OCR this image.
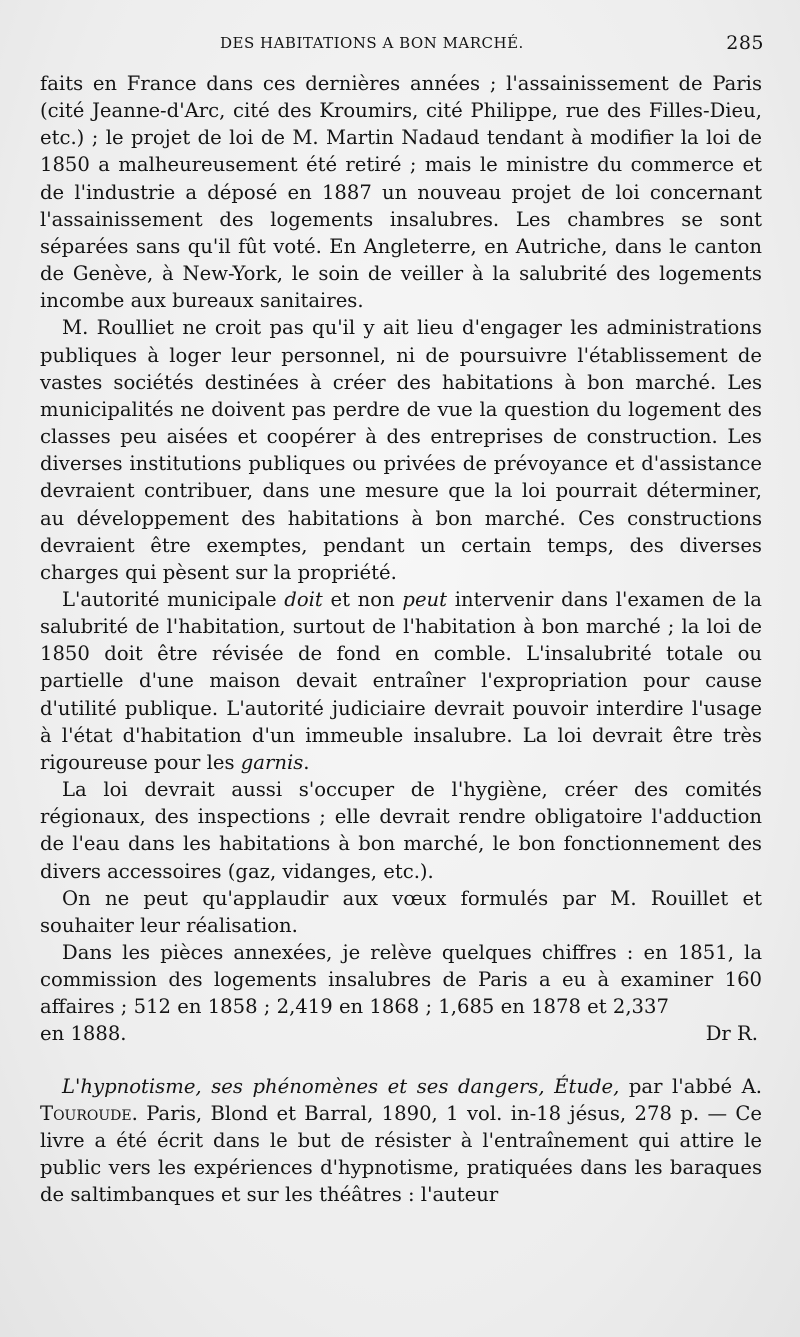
DES HABITATIONS A BON MARCHÉ.	285

faits en France dans ces dernières années ; l'assainissement de Paris (cité Jeanne-d'Arc, cité des Kroumirs, cité Philippe, rue des Filles-Dieu, etc.) ; le projet de loi de M. Martin Nadaud tendant à modifier la loi de 1850 a malheureusement été retiré ; mais le ministre du commerce et de l'industrie a déposé en 1887 un nouveau projet de loi concernant l'assainissement des logements insalubres. Les chambres se sont séparées sans qu'il fût voté. En Angleterre, en Autriche, dans le canton de Genève, à New-York, le soin de veiller à la salubrité des logements incombe aux bureaux sanitaires.

M. Roulliet ne croit pas qu'il y ait lieu d'engager les administrations publiques à loger leur personnel, ni de poursuivre l'établissement de vastes sociétés destinées à créer des habitations à bon marché. Les municipalités ne doivent pas perdre de vue la question du logement des classes peu aisées et coopérer à des entreprises de construction. Les diverses institutions publiques ou privées de prévoyance et d'assistance devraient contribuer, dans une mesure que la loi pourrait déterminer, au développement des habitations à bon marché. Ces constructions devraient être exemptes, pendant un certain temps, des diverses charges qui pèsent sur la propriété.

L'autorité municipale doit et non peut intervenir dans l'examen de la salubrité de l'habitation, surtout de l'habitation à bon marché ; la loi de 1850 doit être révisée de fond en comble. L'insalubrité totale ou partielle d'une maison devait entraîner l'expropriation pour cause d'utilité publique. L'autorité judiciaire devrait pouvoir interdire l'usage à l'état d'habitation d'un immeuble insalubre. La loi devrait être très rigoureuse pour les garnis.

La loi devrait aussi s'occuper de l'hygiène, créer des comités régionaux, des inspections ; elle devrait rendre obligatoire l'adduction de l'eau dans les habitations à bon marché, le bon fonctionnement des divers accessoires (gaz, vidanges, etc.).

On ne peut qu'applaudir aux vœux formulés par M. Rouillet et souhaiter leur réalisation.

Dans les pièces annexées, je relève quelques chiffres : en 1851, la commission des logements insalubres de Paris a eu à examiner 160 affaires ; 512 en 1858 ; 2,419 en 1868 ; 1,685 en 1878 et 2,337

en 1888.	Dr R.

L'hypnotisme, ses phénomènes et ses dangers, Étude, par l'abbé A. Touroude. Paris, Blond et Barral, 1890, 1 vol. in-18 jésus, 278 p. — Ce livre a été écrit dans le but de résister à l'entraînement qui attire le public vers les expériences d'hypnotisme, pratiquées dans les baraques de saltimbanques et sur les théâtres : l'auteur
